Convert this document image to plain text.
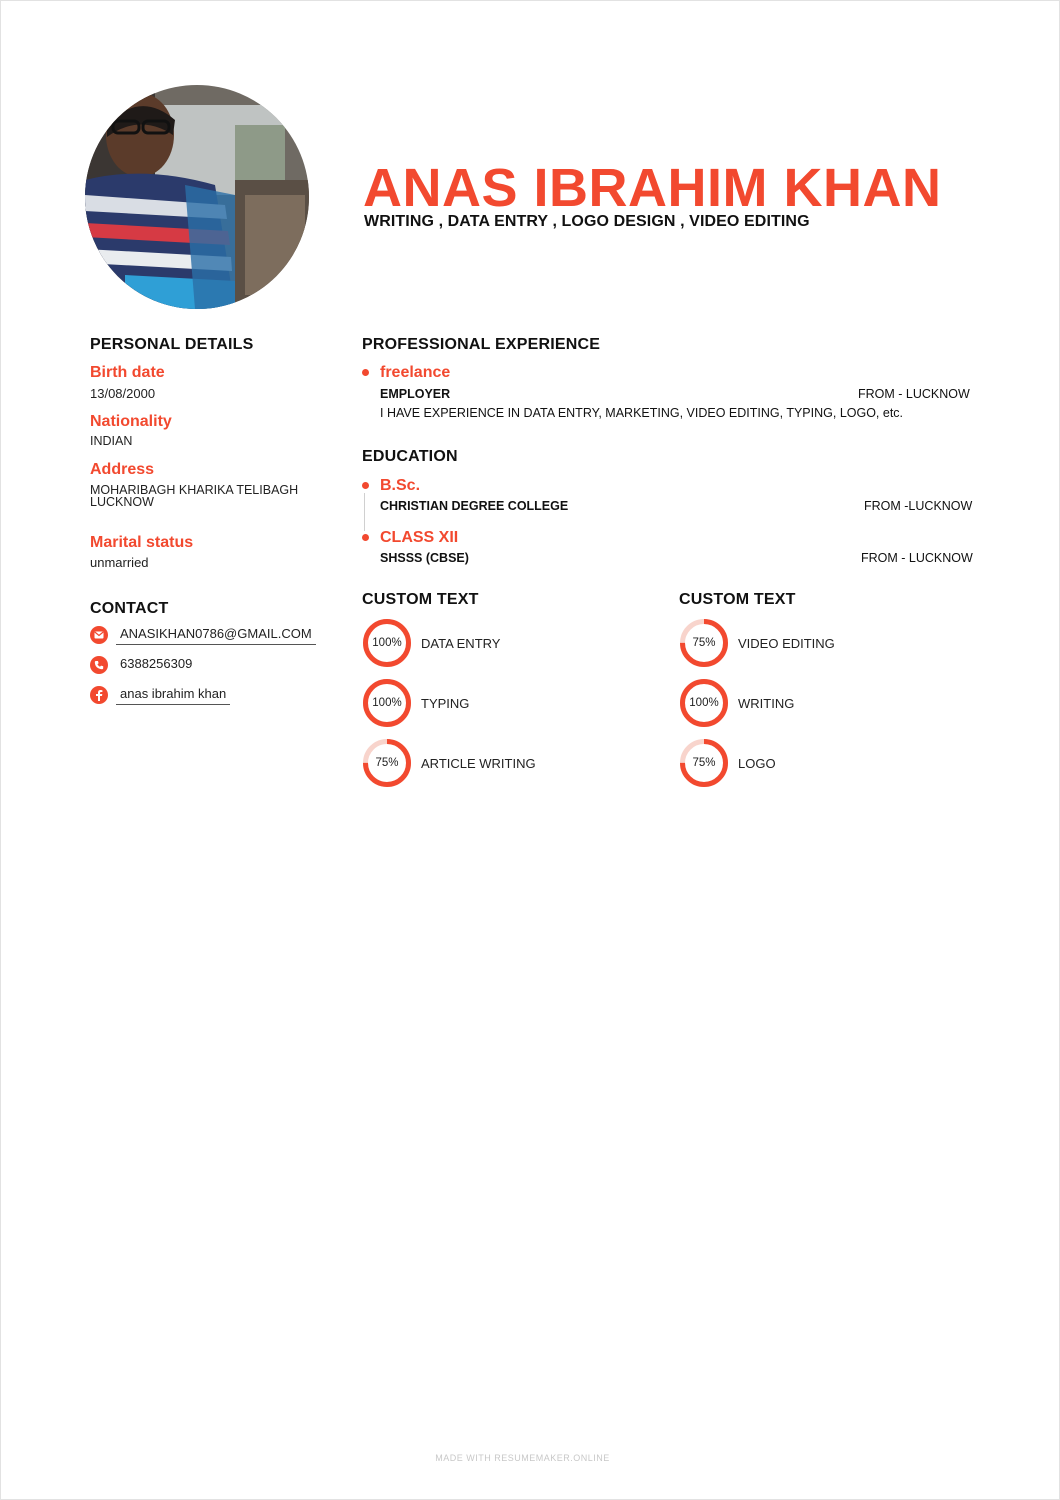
ANAS IBRAHIM KHAN
WRITING , DATA ENTRY , LOGO DESIGN , VIDEO EDITING
PERSONAL DETAILS
Birth date
13/08/2000
Nationality
INDIAN
Address
MOHARIBAGH KHARIKA TELIBAGH
LUCKNOW
Marital status
unmarried
CONTACT
ANASIKHAN0786@GMAIL.COM
6388256309
anas ibrahim khan
PROFESSIONAL EXPERIENCE
freelance
EMPLOYER	FROM - LUCKNOW
I HAVE EXPERIENCE IN DATA ENTRY, MARKETING, VIDEO EDITING, TYPING, LOGO, etc.
EDUCATION
B.Sc.
CHRISTIAN DEGREE COLLEGE	FROM -LUCKNOW
CLASS XII
SHSSS (CBSE)	FROM - LUCKNOW
CUSTOM TEXT
100%	DATA ENTRY
100%	TYPING
75%	ARTICLE WRITING
CUSTOM TEXT
75%	VIDEO EDITING
100%	WRITING
75%	LOGO
MADE WITH RESUMEMAKER.ONLINE
